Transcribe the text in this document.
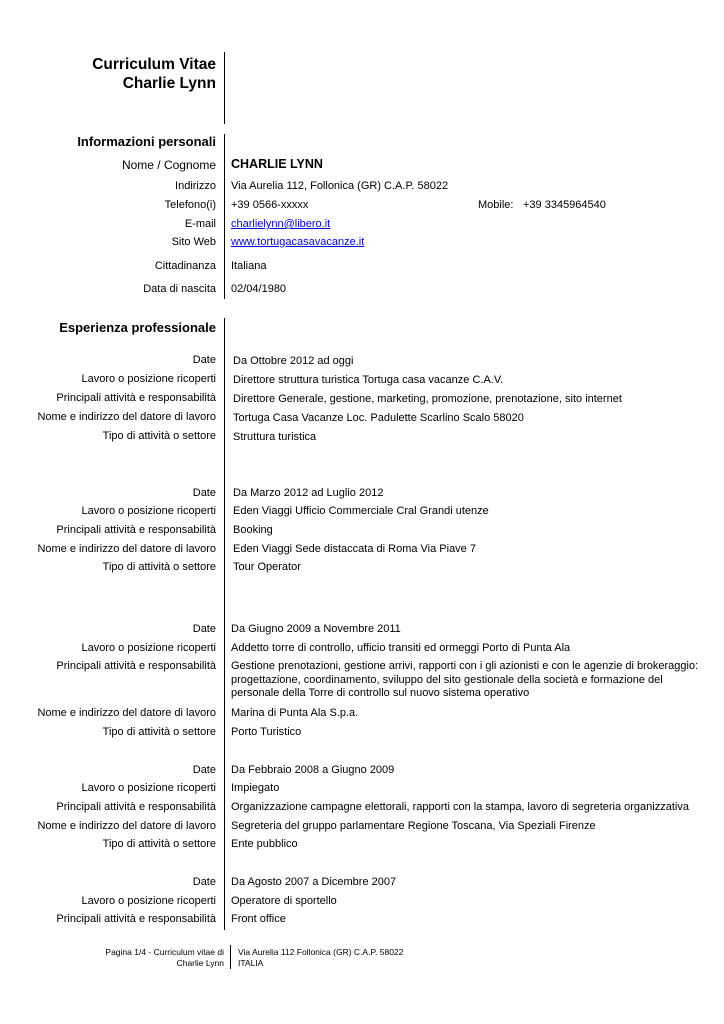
Curriculum Vitae
Charlie Lynn
Informazioni personali
Nome / Cognome CHARLIE LYNN
Indirizzo Via Aurelia 112, Follonica (GR) C.A.P. 58022
Telefono(i) +39 0566-xxxxx	Mobile: +39 3345964540
E-mail charlielynn@libero.it
Sito Web www.tortugacasavacanze.it
Cittadinanza Italiana
Data di nascita 02/04/1980
Esperienza professionale
Date Da Ottobre 2012 ad oggi
Lavoro o posizione ricoperti Direttore struttura turistica Tortuga casa vacanze C.A.V.
Principali attività e responsabilità Direttore Generale, gestione, marketing, promozione, prenotazione, sito internet
Nome e indirizzo del datore di lavoro Tortuga Casa Vacanze Loc. Padulette Scarlino Scalo 58020
Tipo di attività o settore Struttura turistica
Date Da Marzo 2012 ad Luglio 2012
Lavoro o posizione ricoperti Eden Viaggi Ufficio Commerciale Cral Grandi utenze
Principali attività e responsabilità Booking
Nome e indirizzo del datore di lavoro Eden Viaggi Sede distaccata di Roma Via Piave 7
Tipo di attività o settore Tour Operator
Date Da Giugno 2009 a Novembre 2011
Lavoro o posizione ricoperti Addetto torre di controllo, ufficio transiti ed ormeggi Porto di Punta Ala
Principali attività e responsabilità Gestione prenotazioni, gestione arrivi, rapporti con i gli azionisti e con le agenzie di brokeraggio: progettazione, coordinamento, sviluppo del sito gestionale della società e formazione del personale della Torre di controllo sul nuovo sistema operativo
Nome e indirizzo del datore di lavoro Marina di Punta Ala S.p.a.
Tipo di attività o settore Porto Turistico
Date Da Febbraio 2008 a Giugno 2009
Lavoro o posizione ricoperti Impiegato
Principali attività e responsabilità Organizzazione campagne elettorali, rapporti con la stampa, lavoro di segreteria organizzativa
Nome e indirizzo del datore di lavoro Segreteria del gruppo parlamentare Regione Toscana, Via Speziali Firenze
Tipo di attività o settore Ente pubblico
Date Da Agosto 2007 a Dicembre 2007
Lavoro o posizione ricoperti Operatore di sportello
Principali attività e responsabilità Front office
Pagina 1/4 - Curriculum vitae di
Charlie Lynn
Via Aurelia 112 Follonica (GR) C.A.P. 58022
ITALIA
